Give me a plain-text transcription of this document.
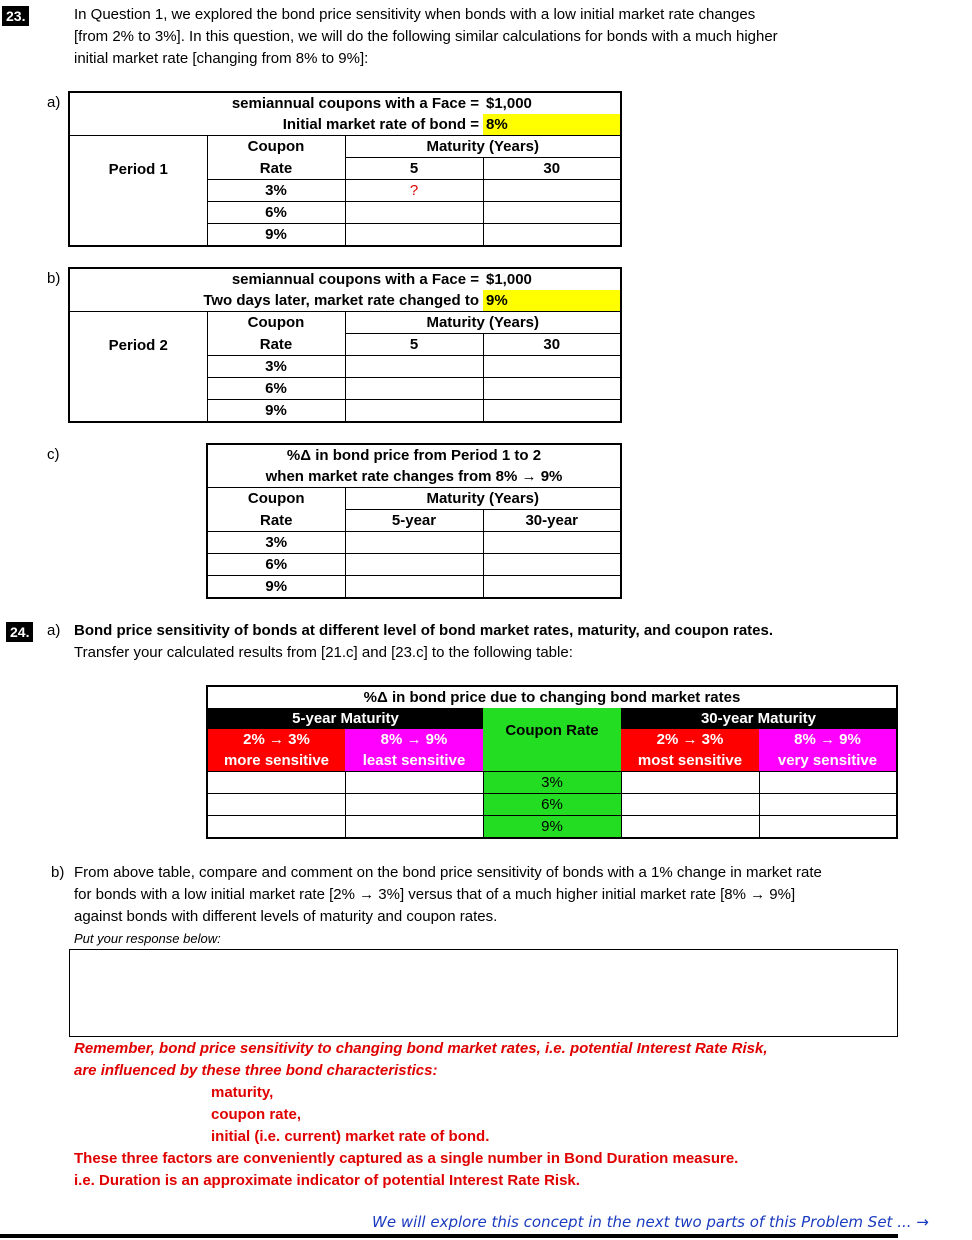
23.	In Question 1, we explored the bond price sensitivity when bonds with a low initial market rate changes
[from 2% to 3%]. In this question, we will do the following similar calculations for bonds with a much higher
initial market rate [changing from 8% to 9%]:
a)	semiannual coupons with a Face =			$1,000
Initial market rate of bond =			8%
Period 1	Coupon	Maturity (Years)	
	Rate	5	30
	3%	?	
	6%		
	9%		
b)	semiannual coupons with a Face =			$1,000
Two days later, market rate changed to			9%
Period 2	Coupon	Maturity (Years)	
	Rate	5	30
	3%		
	6%		
	9%		
c)	%Δ in bond price from Period 1 to 2		
when market rate changes from 8% → 9%		
Coupon	Maturity (Years)	
Rate	5-year	30-year
3%		
6%		
9%		
24. a) Bond price sensitivity of bonds at different level of bond market rates, maturity, and coupon rates.
Transfer your calculated results from [21.c] and [23.c] to the following table:
%Δ in bond price due to changing bond market rates				
5-year Maturity		Coupon Rate	30-year Maturity	
2% → 3%	8% → 9%		2% → 3%	8% → 9%
more sensitive	least sensitive		most sensitive	very sensitive
		3%		
		6%		
		9%		
b) From above table, compare and comment on the bond price sensitivity of bonds with a 1% change in market rate
for bonds with a low initial market rate [2% → 3%] versus that of a much higher initial market rate [8% → 9%]
against bonds with different levels of maturity and coupon rates.
Put your response below:
Remember, bond price sensitivity to changing bond market rates, i.e. potential Interest Rate Risk,
are influenced by these three bond characteristics:
maturity,
coupon rate,
initial (i.e. current) market rate of bond.
These three factors are conveniently captured as a single number in Bond Duration measure.
i.e. Duration is an approximate indicator of potential Interest Rate Risk.
We will explore this concept in the next two parts of this Problem Set ... →
